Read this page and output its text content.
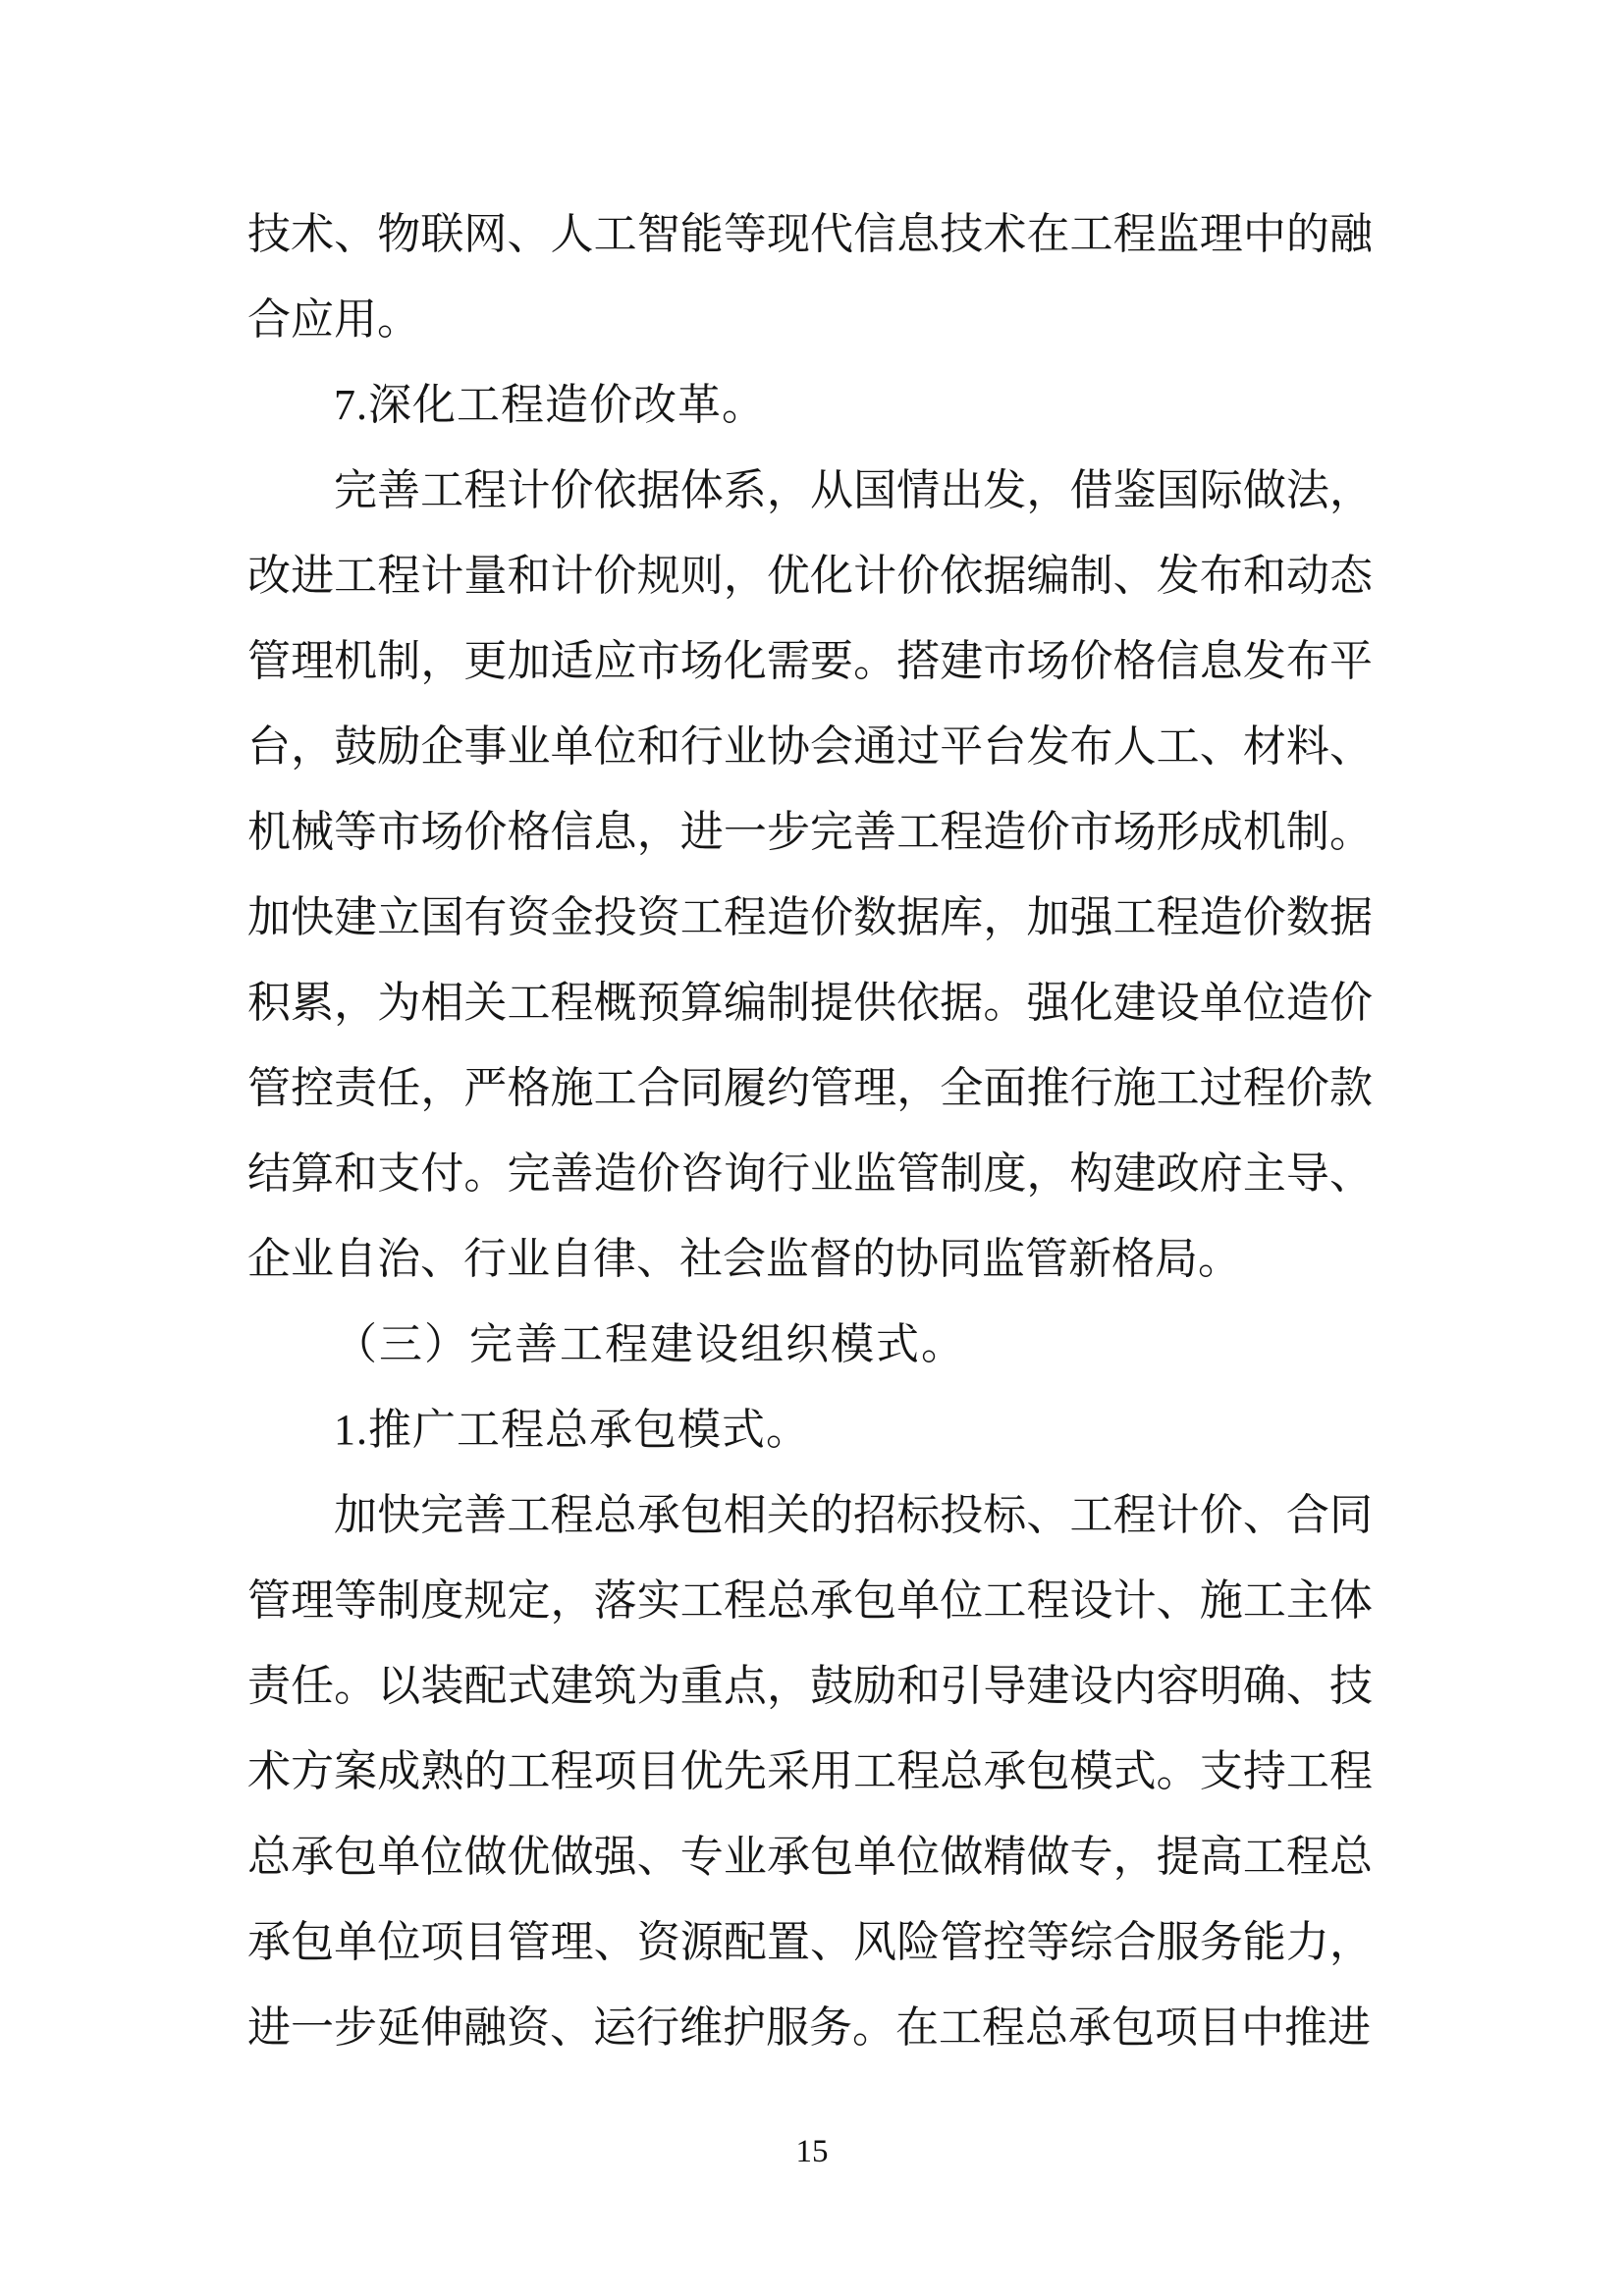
技术、物联网、人工智能等现代信息技术在工程监理中的融合应用。

7.深化工程造价改革。

完善工程计价依据体系，从国情出发，借鉴国际做法，改进工程计量和计价规则，优化计价依据编制、发布和动态管理机制，更加适应市场化需要。搭建市场价格信息发布平台，鼓励企事业单位和行业协会通过平台发布人工、材料、机械等市场价格信息，进一步完善工程造价市场形成机制。加快建立国有资金投资工程造价数据库，加强工程造价数据积累，为相关工程概预算编制提供依据。强化建设单位造价管控责任，严格施工合同履约管理，全面推行施工过程价款结算和支付。完善造价咨询行业监管制度，构建政府主导、企业自治、行业自律、社会监督的协同监管新格局。

（三）完善工程建设组织模式。
1.推广工程总承包模式。

加快完善工程总承包相关的招标投标、工程计价、合同管理等制度规定，落实工程总承包单位工程设计、施工主体责任。以装配式建筑为重点，鼓励和引导建设内容明确、技术方案成熟的工程项目优先采用工程总承包模式。支持工程总承包单位做优做强、专业承包单位做精做专，提高工程总承包单位项目管理、资源配置、风险管控等综合服务能力，进一步延伸融资、运行维护服务。在工程总承包项目中推进

15
